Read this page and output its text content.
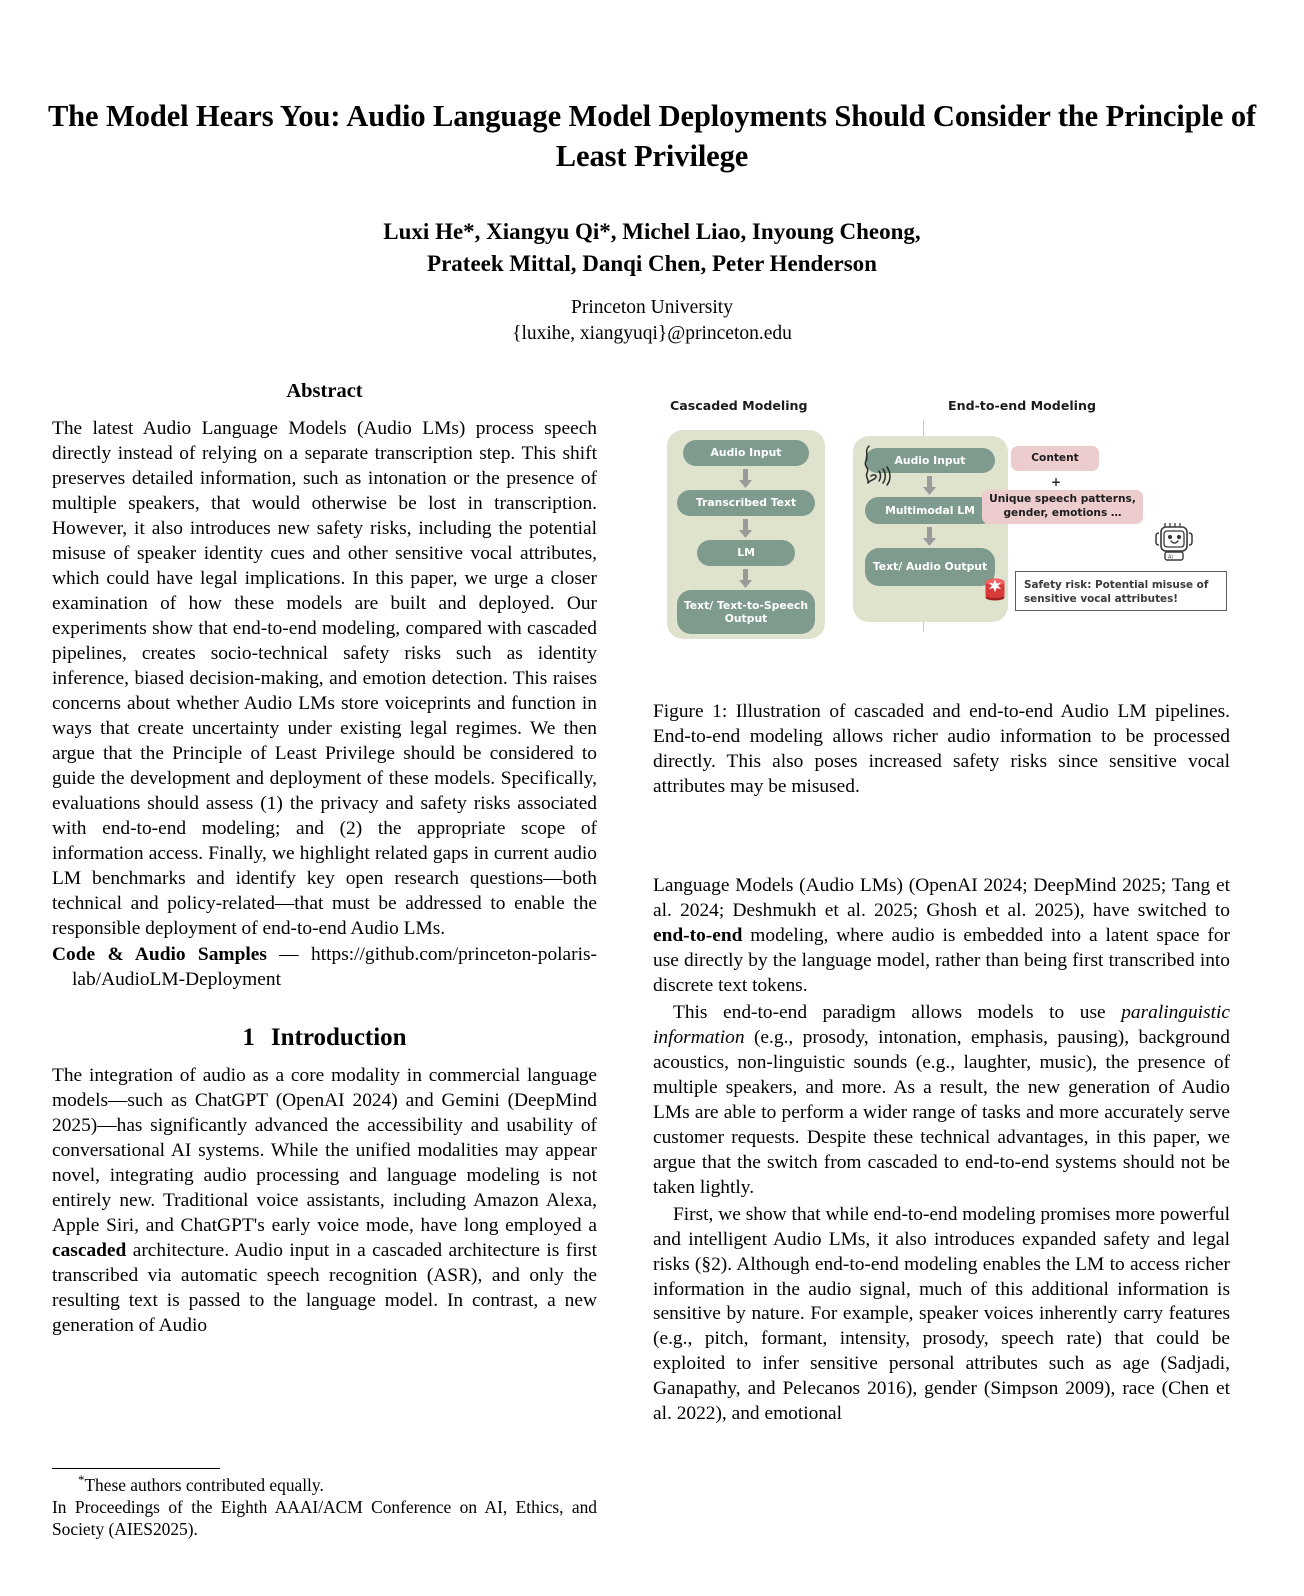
The Model Hears You: Audio Language Model Deployments Should Consider the Principle of Least Privilege
Luxi He*, Xiangyu Qi*, Michel Liao, Inyoung Cheong,
Prateek Mittal, Danqi Chen, Peter Henderson
Princeton University
{luxihe, xiangyuqi}@princeton.edu
Abstract

The latest Audio Language Models (Audio LMs) process speech directly instead of relying on a separate transcription step. This shift preserves detailed information, such as intonation or the presence of multiple speakers, that would otherwise be lost in transcription. However, it also introduces new safety risks, including the potential misuse of speaker identity cues and other sensitive vocal attributes, which could have legal implications. In this paper, we urge a closer examination of how these models are built and deployed. Our experiments show that end-to-end modeling, compared with cascaded pipelines, creates socio-technical safety risks such as identity inference, biased decision-making, and emotion detection. This raises concerns about whether Audio LMs store voiceprints and function in ways that create uncertainty under existing legal regimes. We then argue that the Principle of Least Privilege should be considered to guide the development and deployment of these models. Specifically, evaluations should assess (1) the privacy and safety risks associated with end-to-end modeling; and (2) the appropriate scope of information access. Finally, we highlight related gaps in current audio LM benchmarks and identify key open research questions—both technical and policy-related—that must be addressed to enable the responsible deployment of end-to-end Audio LMs.

Code & Audio Samples — https://github.com/princeton-polaris-lab/AudioLM-Deployment

1 Introduction

The integration of audio as a core modality in commercial language models—such as ChatGPT (OpenAI 2024) and Gemini (DeepMind 2025)—has significantly advanced the accessibility and usability of conversational AI systems. While the unified modalities may appear novel, integrating audio processing and language modeling is not entirely new. Traditional voice assistants, including Amazon Alexa, Apple Siri, and ChatGPT's early voice mode, have long employed a cascaded architecture. Audio input in a cascaded architecture is first transcribed via automatic speech recognition (ASR), and only the resulting text is passed to the language model. In contrast, a new generation of Audio

*These authors contributed equally.

In Proceedings of the Eighth AAAI/ACM Conference on AI, Ethics, and Society (AIES2025).

Cascaded Modeling	End-to-end Modeling
Audio Input
Transcribed Text
LM
Text/ Text-to-Speech Output
Audio Input
Multimodal LM
Text/ Audio Output
Content
+
Unique speech patterns, gender, emotions …
AI
Safety risk: Potential misuse of sensitive vocal attributes!
Figure 1: Illustration of cascaded and end-to-end Audio LM pipelines. End-to-end modeling allows richer audio information to be processed directly. This also poses increased safety risks since sensitive vocal attributes may be misused.

Language Models (Audio LMs) (OpenAI 2024; DeepMind 2025; Tang et al. 2024; Deshmukh et al. 2025; Ghosh et al. 2025), have switched to end-to-end modeling, where audio is embedded into a latent space for use directly by the language model, rather than being first transcribed into discrete text tokens.

This end-to-end paradigm allows models to use paralinguistic information (e.g., prosody, intonation, emphasis, pausing), background acoustics, non-linguistic sounds (e.g., laughter, music), the presence of multiple speakers, and more. As a result, the new generation of Audio LMs are able to perform a wider range of tasks and more accurately serve customer requests. Despite these technical advantages, in this paper, we argue that the switch from cascaded to end-to-end systems should not be taken lightly.

First, we show that while end-to-end modeling promises more powerful and intelligent Audio LMs, it also introduces expanded safety and legal risks (§2). Although end-to-end modeling enables the LM to access richer information in the audio signal, much of this additional information is sensitive by nature. For example, speaker voices inherently carry features (e.g., pitch, formant, intensity, prosody, speech rate) that could be exploited to infer sensitive personal attributes such as age (Sadjadi, Ganapathy, and Pelecanos 2016), gender (Simpson 2009), race (Chen et al. 2022), and emotional
